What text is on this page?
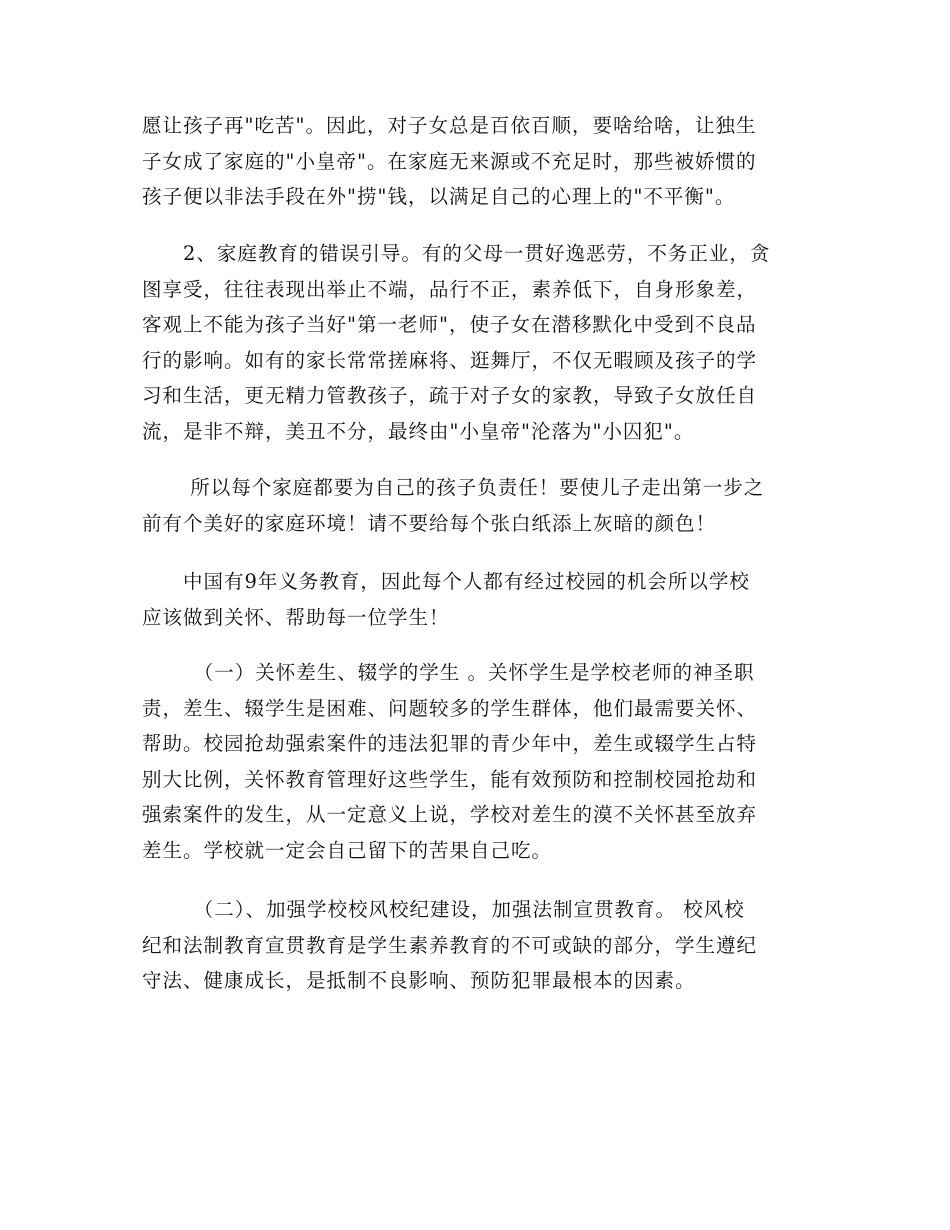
愿让孩子再"吃苦"。因此，对子女总是百依百顺，要啥给啥，让独生
子女成了家庭的"小皇帝"。在家庭无来源或不充足时，那些被娇惯的
孩子便以非法手段在外"捞"钱，以满足自己的心理上的"不平衡"。

　　2、家庭教育的错误引导。有的父母一贯好逸恶劳，不务正业，贪
图享受，往往表现出举止不端，品行不正，素养低下，自身形象差，
客观上不能为孩子当好"第一老师"，使子女在潜移默化中受到不良品
行的影响。如有的家长常常搓麻将、逛舞厅，不仅无暇顾及孩子的学
习和生活，更无精力管教孩子，疏于对子女的家教，导致子女放任自
流，是非不辩，美丑不分，最终由"小皇帝"沦落为"小囚犯"。

　　 所以每个家庭都要为自己的孩子负责任！要使儿子走出第一步之
前有个美好的家庭环境！请不要给每个张白纸添上灰暗的颜色！

　　中国有9年义务教育，因此每个人都有经过校园的机会所以学校
应该做到关怀、帮助每一位学生！

　　　（一）关怀差生、辍学的学生 。关怀学生是学校老师的神圣职
责，差生、辍学生是困难、问题较多的学生群体，他们最需要关怀、
帮助。校园抢劫强索案件的违法犯罪的青少年中，差生或辍学生占特
别大比例，关怀教育管理好这些学生，能有效预防和控制校园抢劫和
强索案件的发生，从一定意义上说，学校对差生的漠不关怀甚至放弃
差生。学校就一定会自己留下的苦果自己吃。

　　　（二）、加强学校校风校纪建设，加强法制宣贯教育。 校风校
纪和法制教育宣贯教育是学生素养教育的不可或缺的部分，学生遵纪
守法、健康成长，是抵制不良影响、预防犯罪最根本的因素。
